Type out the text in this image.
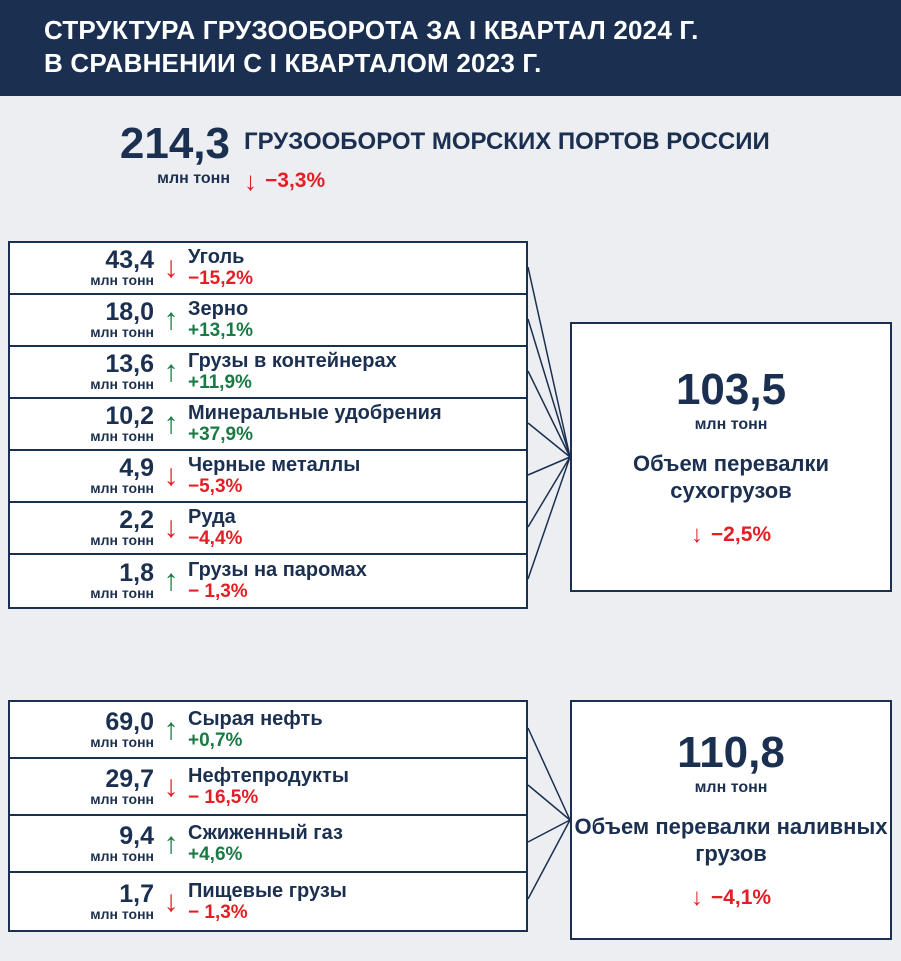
СТРУКТУРА ГРУЗООБОРОТА ЗА I КВАРТАЛ 2024 Г.
В СРАВНЕНИИ С I КВАРТАЛОМ 2023 Г.
214,3
млн тонн
ГРУЗООБОРОТ МОРСКИХ ПОРТОВ РОССИИ
↓ −3,3%
43,4
млн тонн ↓ Уголь
−15,2%
18,0
млн тонн ↑ Зерно
+13,1%
13,6
млн тонн ↑ Грузы в контейнерах
+11,9%
10,2
млн тонн ↑ Минеральные удобрения
+37,9%
4,9
млн тонн ↓ Черные металлы
−5,3%
2,2
млн тонн ↓ Руда
−4,4%
1,8
млн тонн ↑ Грузы на паромах
− 1,3%
103,5
млн тонн
Объем перевалки сухогрузов
↓ −2,5%
69,0
млн тонн ↑ Сырая нефть
+0,7%
29,7
млн тонн ↓ Нефтепродукты
− 16,5%
9,4
млн тонн ↑ Сжиженный газ
+4,6%
1,7
млн тонн ↓ Пищевые грузы
− 1,3%
110,8
млн тонн
Объем перевалки наливных грузов
↓ −4,1%
